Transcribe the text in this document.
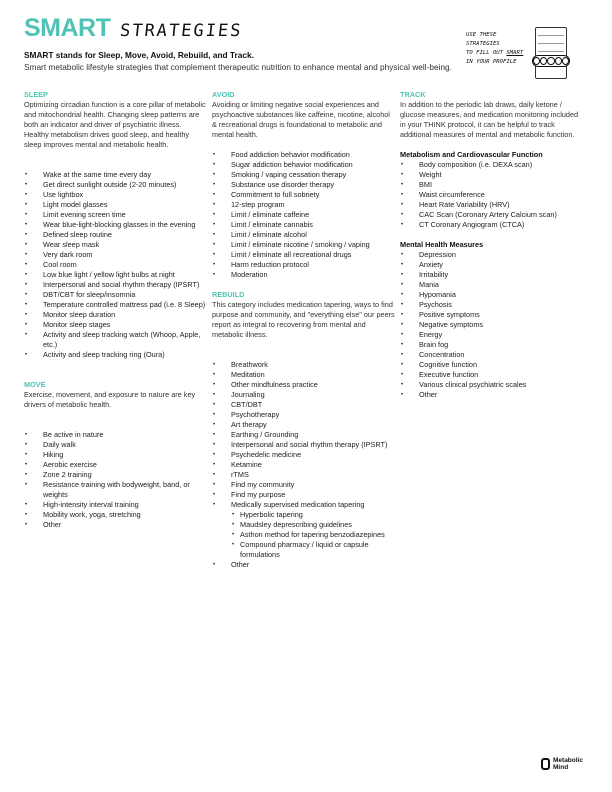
SMART STRATEGIES
SMART stands for Sleep, Move, Avoid, Rebuild, and Track.
Smart metabolic lifestyle strategies that complement therapeutic nutrition to enhance mental and physical well-being.
USE THESE
STRATEGIES
TO FILL OUT SMART
IN YOUR PROFILE
SLEEP

Optimizing circadian function is a core pillar of metabolic and mitochondrial health. Changing sleep patterns are both an indicator and driver of psychiatric illness. Healthy metabolism drives good sleep, and healthy sleep improves mental and metabolic health.

• Wake at the same time every day
• Get direct sunlight outside (2-20 minutes)
• Use lightbox
• Light model glasses
• Limit evening screen time
• Wear blue-light-blocking glasses in the evening
• Defined sleep routine
• Wear sleep mask
• Very dark room
• Cool room
• Low blue light / yellow light bulbs at night
• Interpersonal and social rhythm therapy (IPSRT)
• DBT/CBT for sleep/insomnia
• Temperature controlled mattress pad (i.e. 8 Sleep)
• Monitor sleep duration
• Monitor sleep stages
• Activity and sleep tracking watch (Whoop, Apple, etc.)
• Activity and sleep tracking ring (Oura)
MOVE

Exercise, movement, and exposure to nature are key drivers of metabolic health.

• Be active in nature
• Daily walk
• Hiking
• Aerobic exercise
• Zone 2 training
• Resistance training with bodyweight, band, or weights
• High-intensity interval training
• Mobility work, yoga, stretching
• Other
AVOID

Avoiding or limiting negative social experiences and psychoactive substances like caffeine, nicotine, alcohol & recreational drugs is foundational to metabolic and mental health.

• Food addiction behavior modification
• Sugar addiction behavior modification
• Smoking / vaping cessation therapy
• Substance use disorder therapy
• Commitment to full sobriety
• 12-step program
• Limit / eliminate caffeine
• Limit / eliminate cannabis
• Limit / eliminate alcohol
• Limit / eliminate nicotine / smoking / vaping
• Limit / eliminate all recreational drugs
• Harm reduction protocol
• Moderation
REBUILD

This category includes medication tapering, ways to find purpose and community, and "everything else" our peers report as integral to recovering from mental and metabolic illness.

• Breathwork
• Meditation
• Other mindfulness practice
• Journaling
• CBT/DBT
• Psychotherapy
• Art therapy
• Earthing / Grounding
• Interpersonal and social rhythm therapy (IPSRT)
• Psychedelic medicine
• Ketamine
• rTMS
• Find my community
• Find my purpose
• Medically supervised medication tapering
• Hyperbolic tapering
• Maudsley deprescribing guidelines
• Asthon method for tapering benzodiazepines
• Compound pharmacy / liquid or capsule formulations
• Other
TRACK

In addition to the periodic lab draws, daily ketone / glucose measures, and medication monitoring included in your THINK protocol, it can be helpful to track additional measures of mental and metabolic function.

Metabolism and Cardiovascular Function
• Body composition (i.e. DEXA scan)
• Weight
• BMI
• Waist circumference
• Heart Rate Variability (HRV)
• CAC Scan (Coronary Artery Calcium scan)
• CT Coronary Angiogram (CTCA)
Mental Health Measures
• Depression
• Anxiety
• Irritability
• Mania
• Hypomania
• Psychosis
• Positive symptoms
• Negative symptoms
• Energy
• Brain fog
• Concentration
• Cognitive function
• Executive function
• Various clinical psychiatric scales
• Other
Metabolic Mind
